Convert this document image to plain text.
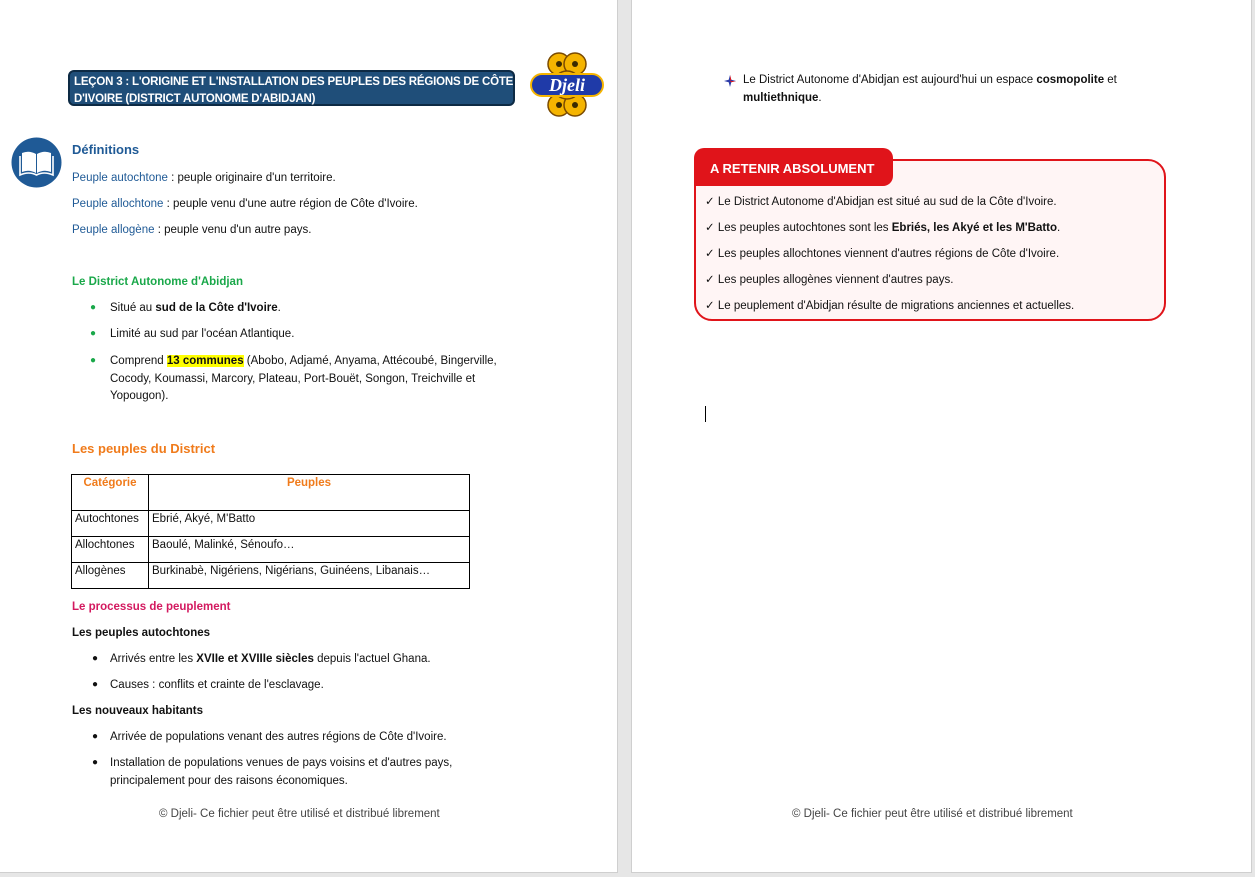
LEÇON 3 : L'ORIGINE ET L'INSTALLATION DES PEUPLES DES RÉGIONS DE CÔTE
D'IVOIRE (DISTRICT AUTONOME D'ABIDJAN)
Djeli
Définitions
Peuple autochtone : peuple originaire d'un territoire.
Peuple allochtone : peuple venu d'une autre région de Côte d'Ivoire.
Peuple allogène : peuple venu d'un autre pays.
Le District Autonome d'Abidjan
● Situé au sud de la Côte d'Ivoire.
● Limité au sud par l'océan Atlantique.
● Comprend 13 communes (Abobo, Adjamé, Anyama, Attécoubé, Bingerville,
Cocody, Koumassi, Marcory, Plateau, Port-Bouët, Songon, Treichville et
Yopougon).
Les peuples du District
Catégorie	Peuples
Autochtones	Ebrié, Akyé, M'Batto
Allochtones	Baoulé, Malinké, Sénoufo…
Allogènes	Burkinabè, Nigériens, Nigérians, Guinéens, Libanais…
Le processus de peuplement
Les peuples autochtones
● Arrivés entre les XVIIe et XVIIIe siècles depuis l'actuel Ghana.
● Causes : conflits et crainte de l'esclavage.
Les nouveaux habitants
● Arrivée de populations venant des autres régions de Côte d'Ivoire.
● Installation de populations venues de pays voisins et d'autres pays,
principalement pour des raisons économiques.
© Djeli- Ce fichier peut être utilisé et distribué librement
Le District Autonome d'Abidjan est aujourd'hui un espace cosmopolite et
multiethnique.
A RETENIR ABSOLUMENT
✓ Le District Autonome d'Abidjan est situé au sud de la Côte d'Ivoire.
✓ Les peuples autochtones sont les Ebriés, les Akyé et les M'Batto.
✓ Les peuples allochtones viennent d'autres régions de Côte d'Ivoire.
✓ Les peuples allogènes viennent d'autres pays.
✓ Le peuplement d'Abidjan résulte de migrations anciennes et actuelles.
© Djeli- Ce fichier peut être utilisé et distribué librement
